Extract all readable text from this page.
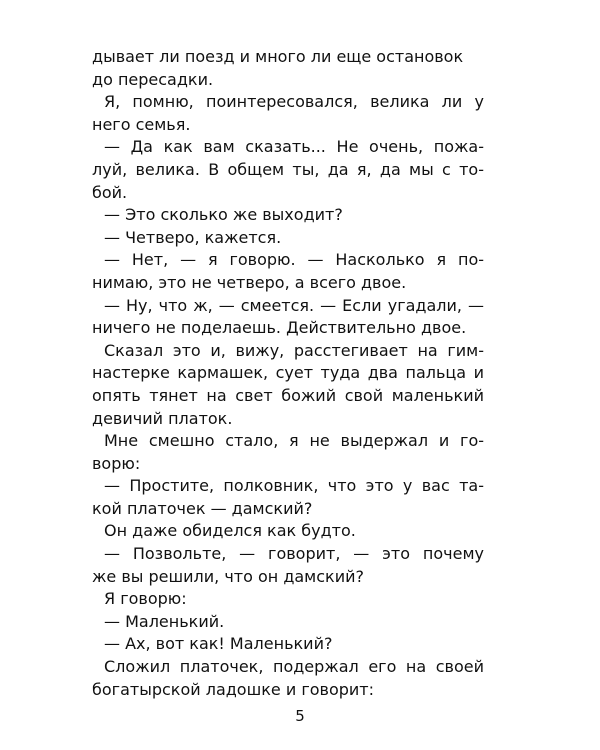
дывает ли поезд и много ли еще остановок
до пересадки.
Я, помню, поинтересовался, велика ли у
него семья.
— Да как вам сказать... Не очень, пожа-
луй, велика. В общем ты, да я, да мы с то-
бой.
— Это сколько же выходит?
— Четверо, кажется.
— Нет, — я говорю. — Насколько я по-
нимаю, это не четверо, а всего двое.
— Ну, что ж, — смеется. — Если угадали, —
ничего не поделаешь. Действительно двое.
Сказал это и, вижу, расстегивает на гим-
настерке кармашек, сует туда два пальца и
опять тянет на свет божий свой маленький
девичий платок.
Мне смешно стало, я не выдержал и го-
ворю:
— Простите, полковник, что это у вас та-
кой платочек — дамский?
Он даже обиделся как будто.
— Позвольте, — говорит, — это почему
же вы решили, что он дамский?
Я говорю:
— Маленький.
— Ах, вот как! Маленький?
Сложил платочек, подержал его на своей
богатырской ладошке и говорит:
5
